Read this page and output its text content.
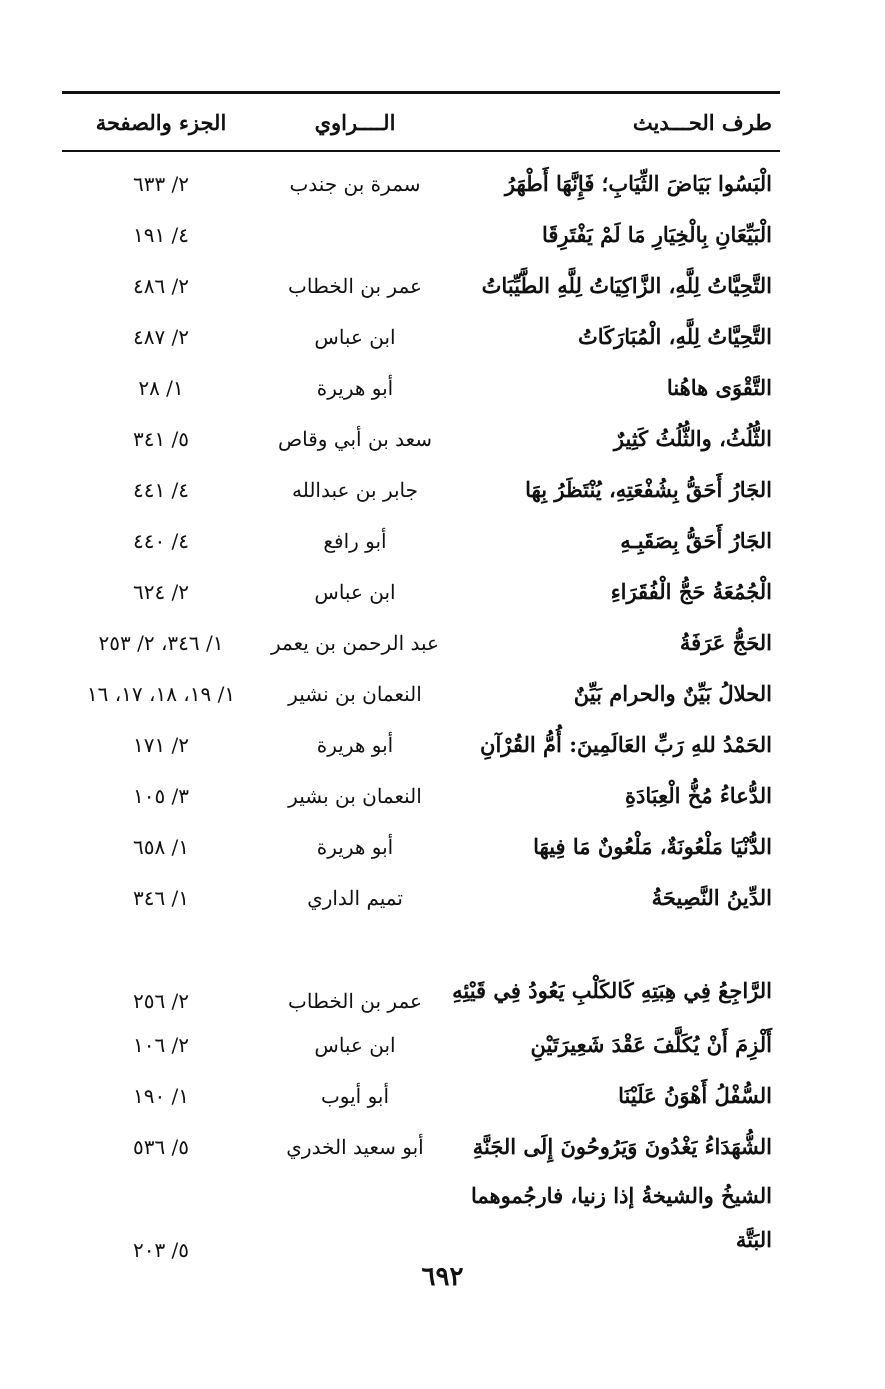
طرف الحـــديث
الــــراوي
الجزء والصفحة
الْبَسُوا بَيَاضَ الثِّيَابِ؛ فَإِنَّهَا أَطْهَرُ
سمرة بن جندب
٢/ ٦٣٣
الْبَيِّعَانِ بِالْخِيَارِ مَا لَمْ يَفْتَرِقَا
٤/ ١٩١
التَّحِيَّاتُ لِلَّهِ، الزَّاكِيَاتُ لِلَّهِ الطَّيِّبَاتُ
عمر بن الخطاب
٢/ ٤٨٦
التَّحِيَّاتُ لِلَّهِ، الْمُبَارَكَاتُ
ابن عباس
٢/ ٤٨٧
التَّقْوَى هاهُنا
أبو هريرة
١/ ٢٨
الثُّلُثُ، والثُّلُثُ كَثِيرٌ
سعد بن أبي وقاص
٥/ ٣٤١
الجَارُ أَحَقُّ بِشُفْعَتِهِ، يُنْتَظَرُ بِهَا
جابر بن عبدالله
٤/ ٤٤١
الجَارُ أَحَقُّ بِصَقَبِـهِ
أبو رافع
٤/ ٤٤٠
الْجُمُعَةُ حَجُّ الْفُقَرَاءِ
ابن عباس
٢/ ٦٢٤
الحَجُّ عَرَفَةُ
عبد الرحمن بن يعمر
١/ ٣٤٦، ٢/ ٢٥٣
الحلالُ بَيِّنٌ والحرام بَيِّنٌ
النعمان بن نشير
١/ ١٩، ١٨، ١٧، ١٦
الحَمْدُ للهِ رَبِّ العَالَمِينَ: أُمُّ القُرْآنِ
أبو هريرة
٢/ ١٧١
الدُّعاءُ مُخُّ الْعِبَادَةِ
النعمان بن بشير
٣/ ١٠٥
الدُّنْيَا مَلْعُونَةٌ، مَلْعُونٌ مَا فِيهَا
أبو هريرة
١/ ٦٥٨
الدِّينُ النَّصِيحَةُ
تميم الداري
١/ ٣٤٦
الرَّاجِعُ فِي هِبَتِهِ كَالكَلْبِ يَعُودُ فِي قَيْئِهِ
عمر بن الخطاب
٢/ ٢٥٦
أَلْزِمَ أَنْ يُكَلَّفَ عَقْدَ شَعِيرَتَيْنِ
ابن عباس
٢/ ١٠٦
السُّفْلُ أَهْوَنُ عَلَيْنَا
أبو أيوب
١/ ١٩٠
الشُّهَدَاءُ يَغْدُونَ وَيَرُوحُونَ إِلَى الجَنَّةِ
أبو سعيد الخدري
٥/ ٥٣٦
الشيخُ والشيخةُ إذا زنيا، فارجُموهما البَتَّة
٥/ ٢٠٣
٦٩٢
